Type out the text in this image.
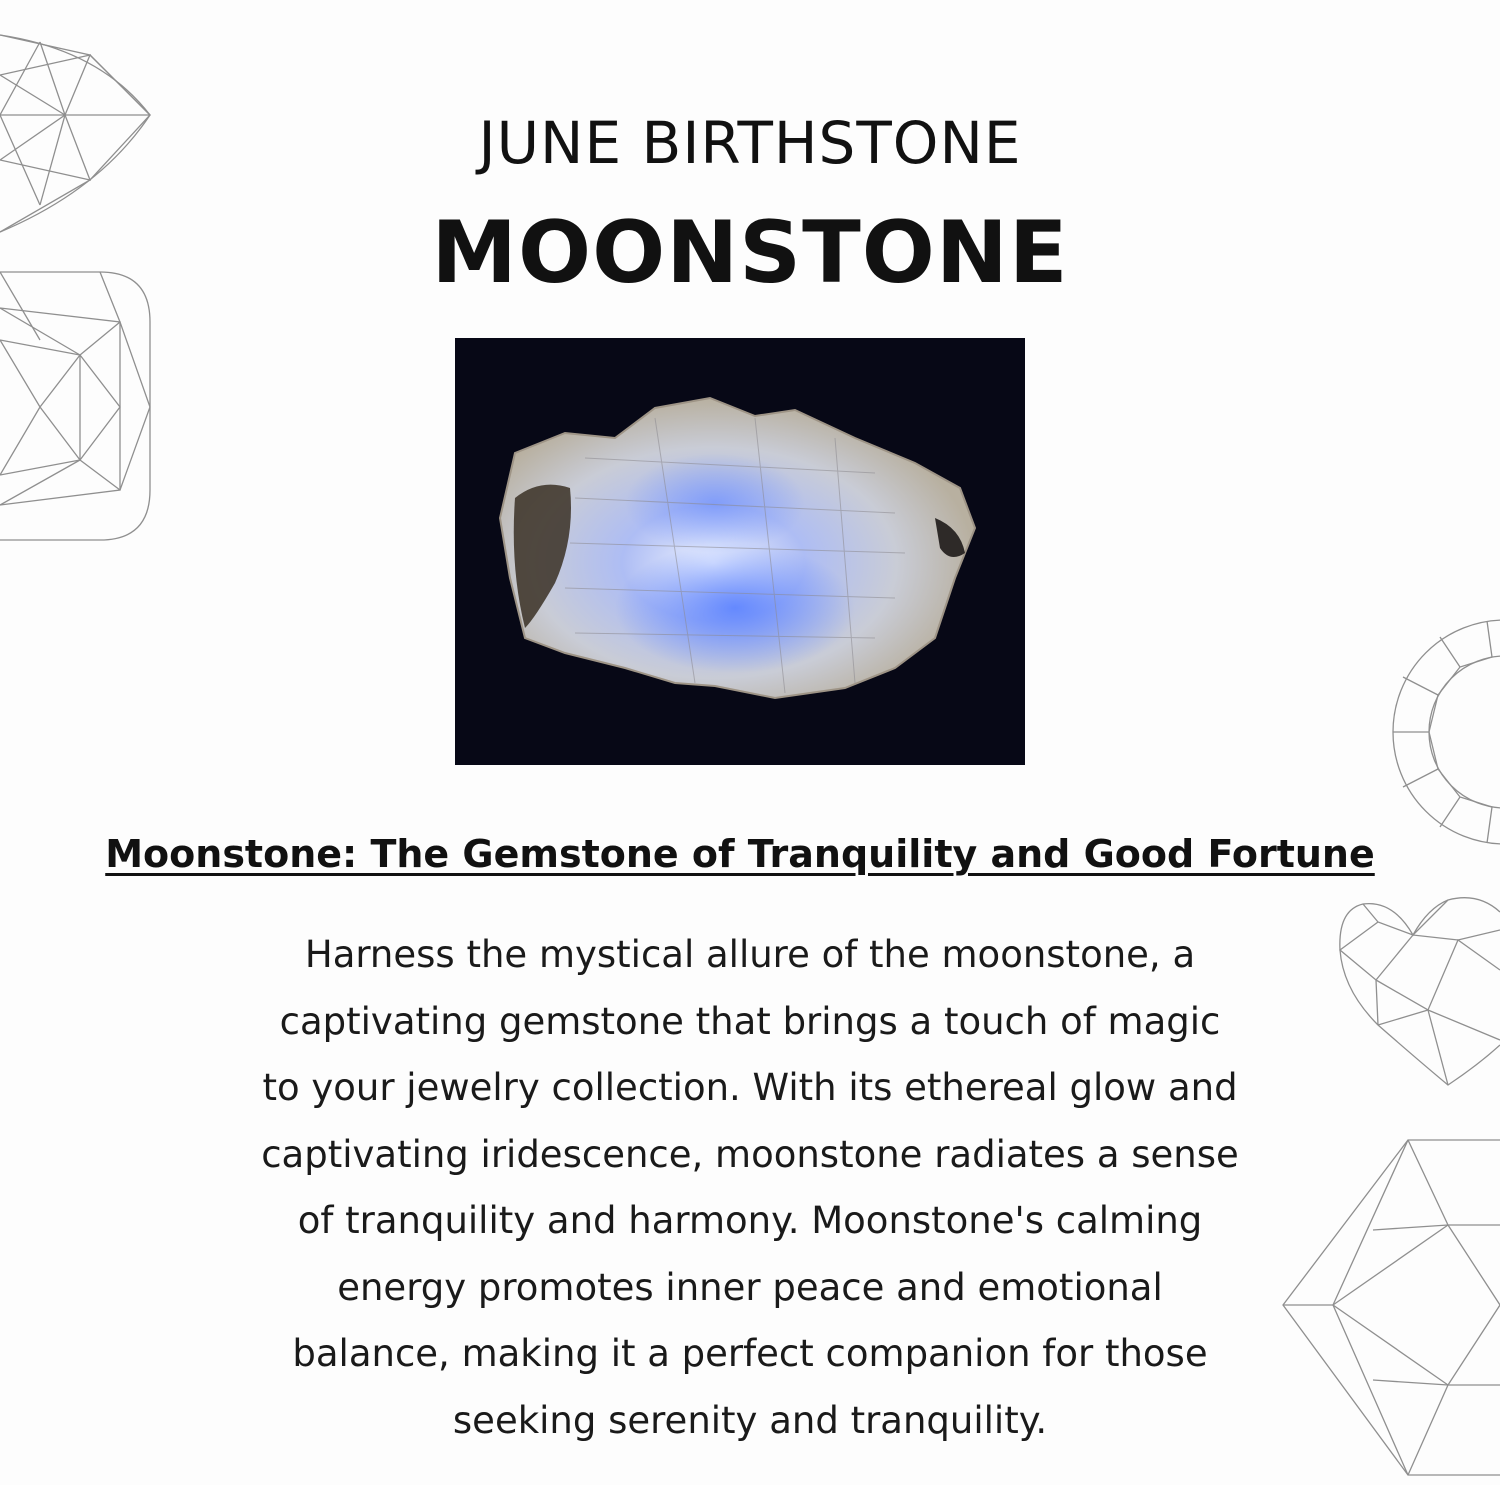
JUNE BIRTHSTONE
MOONSTONE
Moonstone: The Gemstone of Tranquility and Good Fortune
Harness the mystical allure of the moonstone, a
captivating gemstone that brings a touch of magic
to your jewelry collection. With its ethereal glow and
captivating iridescence, moonstone radiates a sense
of tranquility and harmony. Moonstone's calming
energy promotes inner peace and emotional
balance, making it a perfect companion for those
seeking serenity and tranquility.
